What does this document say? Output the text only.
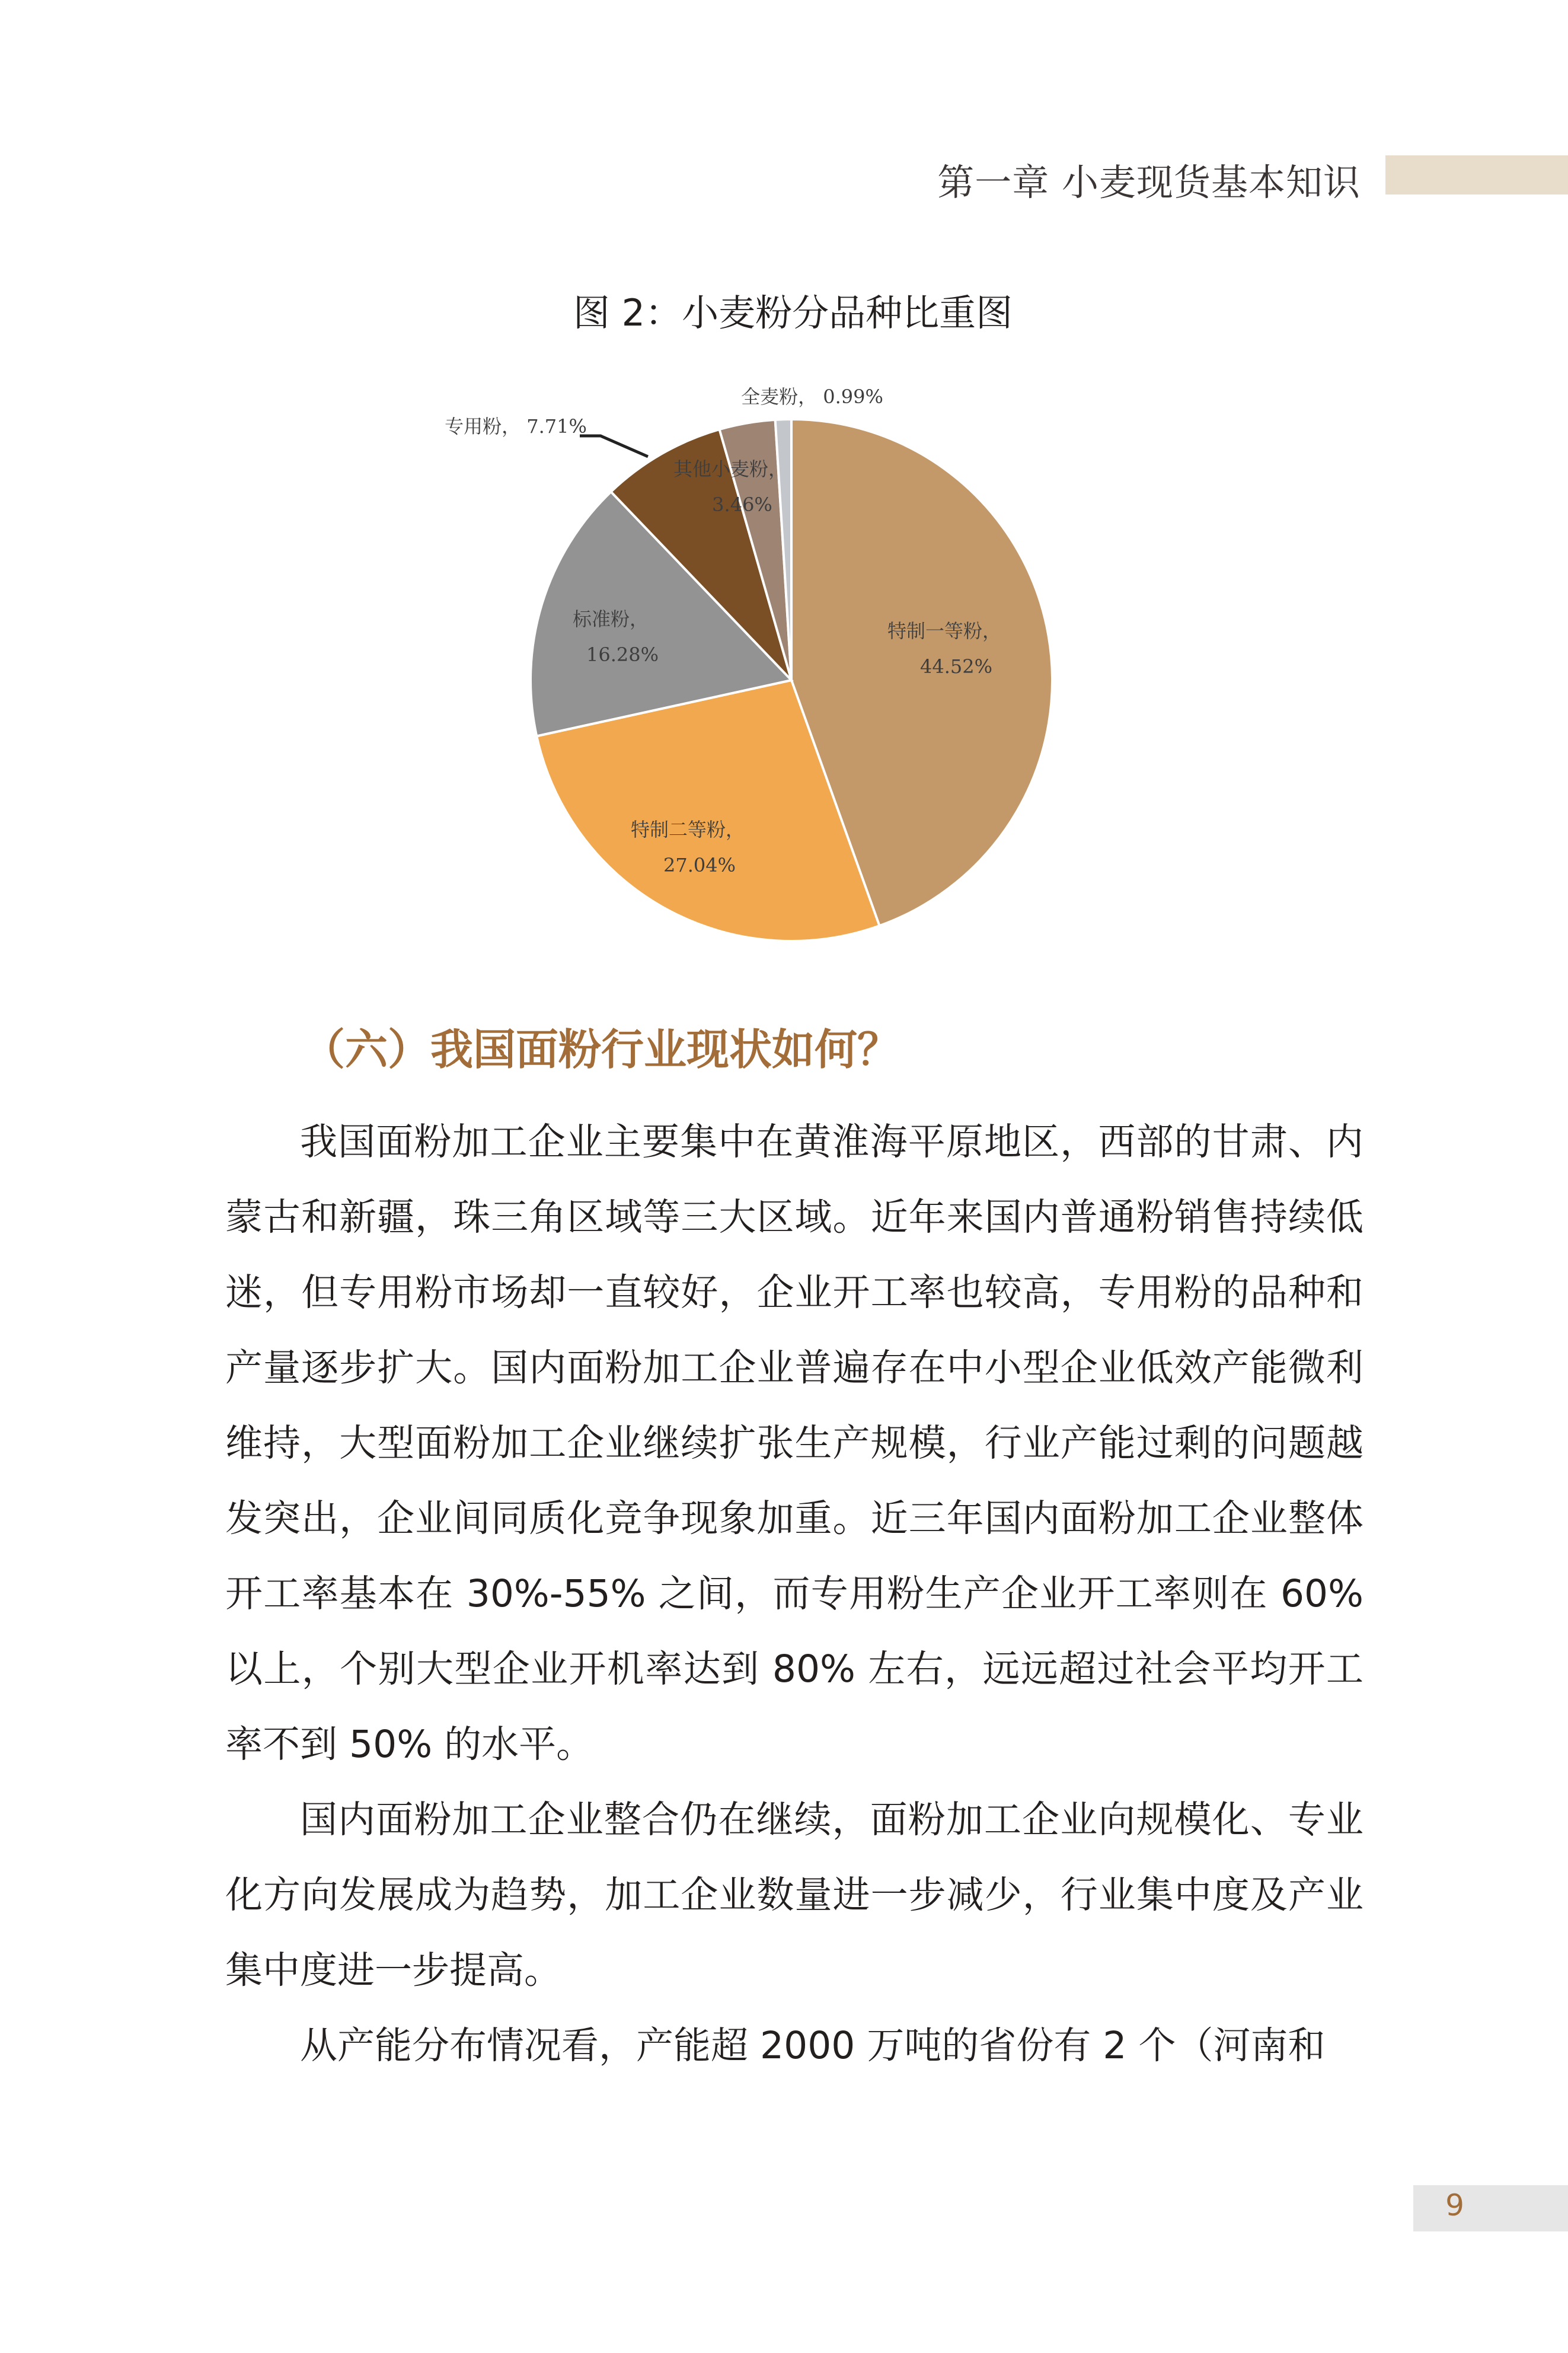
第一章 小麦现货基本知识
图 2：小麦粉分品种比重图
特制一等粉，
44.52%
特制二等粉，
27.04%
标准粉，
16.28%
专用粉， 7.71%
其他小麦粉，
3.46%
全麦粉， 0.99%
（六）我国面粉行业现状如何？

我国面粉加工企业主要集中在黄淮海平原地区，西部的甘肃、内蒙古和新疆，珠三角区域等三大区域。近年来国内普通粉销售持续低迷，但专用粉市场却一直较好，企业开工率也较高，专用粉的品种和产量逐步扩大。国内面粉加工企业普遍存在中小型企业低效产能微利维持，大型面粉加工企业继续扩张生产规模，行业产能过剩的问题越发突出，企业间同质化竞争现象加重。近三年国内面粉加工企业整体开工率基本在 30%-55% 之间，而专用粉生产企业开工率则在 60% 以上，个别大型企业开机率达到 80% 左右，远远超过社会平均开工率不到 50% 的水平。

国内面粉加工企业整合仍在继续，面粉加工企业向规模化、专业化方向发展成为趋势，加工企业数量进一步减少，行业集中度及产业集中度进一步提高。

从产能分布情况看，产能超 2000 万吨的省份有 2 个（河南和

9
